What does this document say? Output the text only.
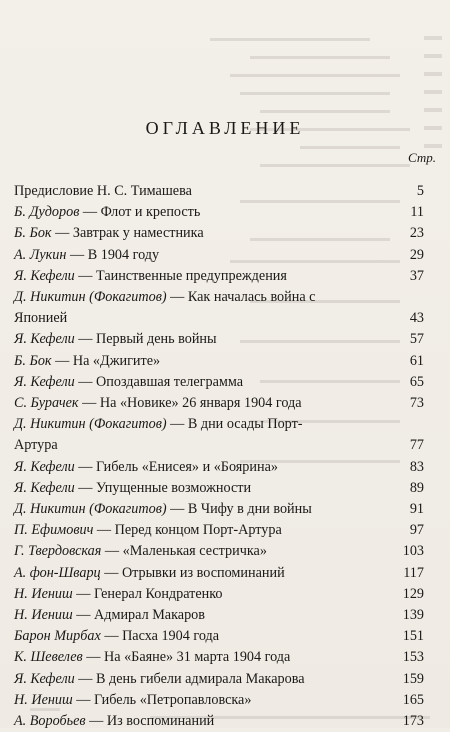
ОГЛАВЛЕНИЕ
Стр.
Предисловие Н. С. Тимашева	5
Б. Дудоров — Флот и крепость	11
Б. Бок — Завтрак у наместника	23
А. Лукин — В 1904 году	29
Я. Кефели — Таинственные предупреждения	37
Д. Никитин (Фокагитов) — Как началась война с
Японией	43
Я. Кефели — Первый день войны	57
Б. Бок — На «Джигите»	61
Я. Кефели — Опоздавшая телеграмма	65
С. Бурачек — На «Новике» 26 января 1904 года	73
Д. Никитин (Фокагитов) — В дни осады Порт-
Артура	77
Я. Кефели — Гибель «Енисея» и «Боярина»	83
Я. Кефели — Упущенные возможности	89
Д. Никитин (Фокагитов) — В Чифу в дни войны	91
П. Ефимович — Перед концом Порт-Артура	97
Г. Твердовская — «Маленькая сестричка»	103
А. фон-Шварц — Отрывки из воспоминаний	117
Н. Иениш — Генерал Кондратенко	129
Н. Иениш — Адмирал Макаров	139
Барон Мирбах — Пасха 1904 года	151
К. Шевелев — На «Баяне» 31 марта 1904 года	153
Я. Кефели — В день гибели адмирала Макарова	159
Н. Иениш — Гибель «Петропавловска»	165
А. Воробьев — Из воспоминаний	173
